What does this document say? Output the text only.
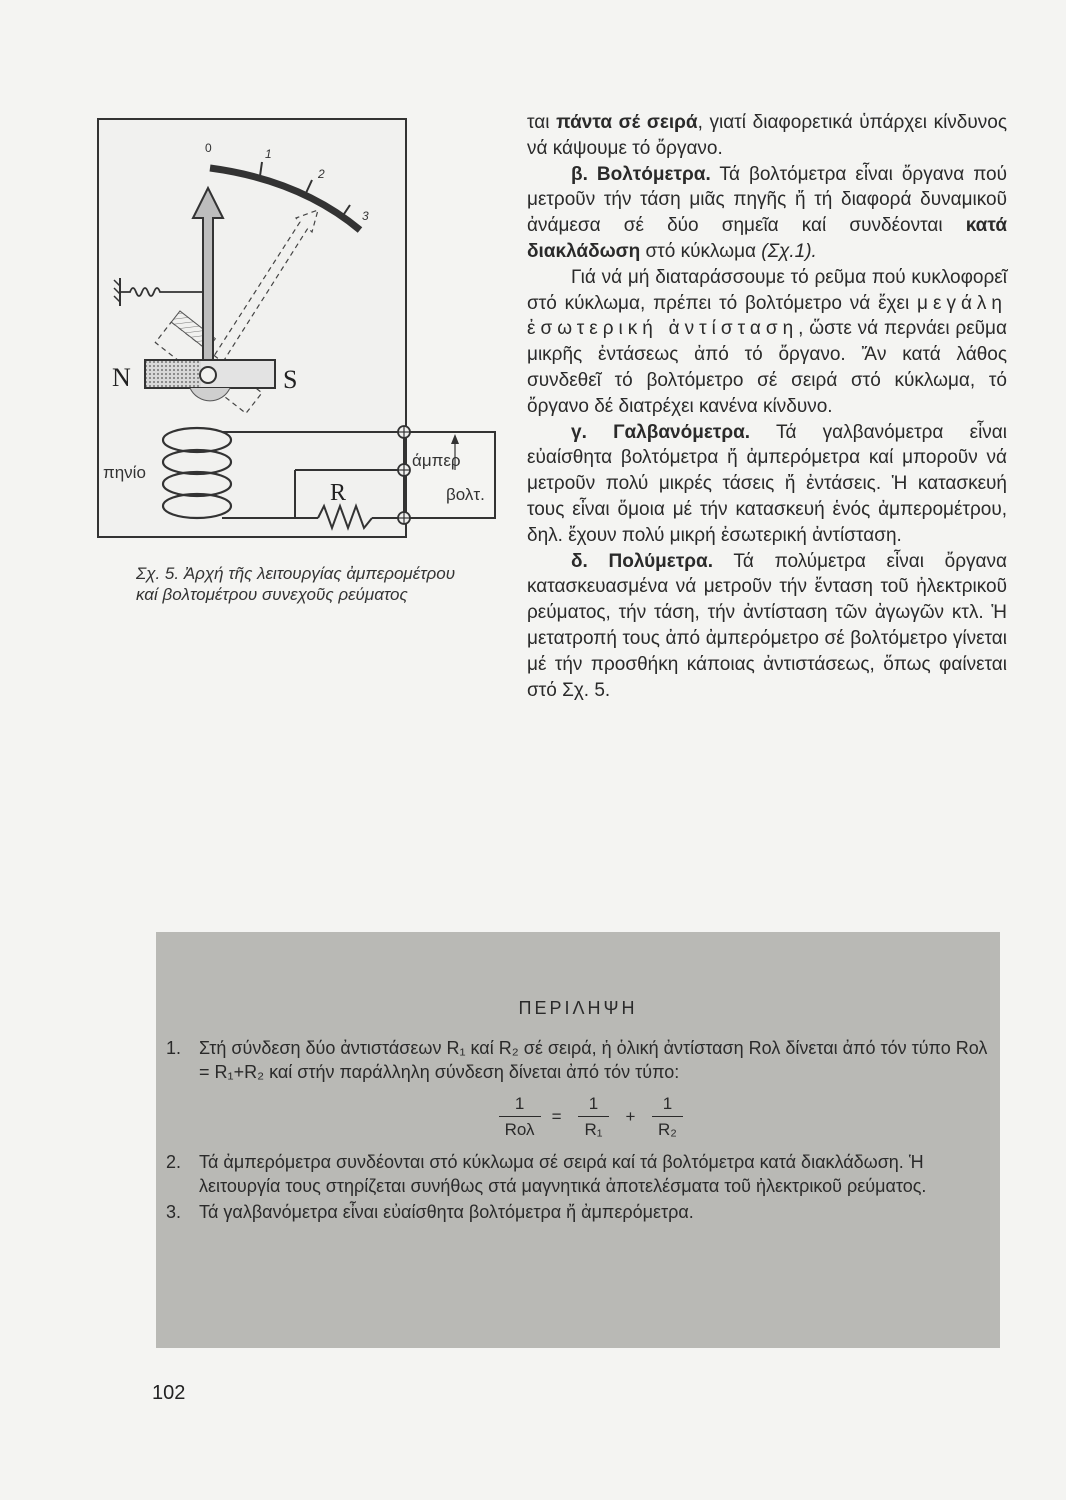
0	1
2
3
N	S
πηνίο
R
άμπερ
βολτ.
Σχ. 5. Ἀρχή τῆς λειτουργίας ἀμπερομέτρου καί βολτομέτρου συνεχοῦς ρεύματος

ται πάντα σέ σειρά, γιατί διαφορετικά ὑπάρχει κίνδυνος νά κάψουμε τό ὄργανο.

β. Βολτόμετρα. Τά βολτόμετρα εἶναι ὄργανα πού μετροῦν τήν τάση μιᾶς πηγῆς ἤ τή διαφορά δυναμικοῦ ἀνάμεσα σέ δύο σημεῖα καί συνδέονται κατά διακλάδωση στό κύκλωμα (Σχ.1).

Γιά νά μή διαταράσσουμε τό ρεῦμα πού κυκλοφορεῖ στό κύκλωμα, πρέπει τό βολτόμετρο νά ἔχει μεγάλη ἐσωτερική ἀντίσταση, ὥστε νά περνάει ρεῦμα μικρῆς ἐντάσεως ἀπό τό ὄργανο. Ἄν κατά λάθος συνδεθεῖ τό βολτόμετρο σέ σειρά στό κύκλωμα, τό ὄργανο δέ διατρέχει κανένα κίνδυνο.

γ. Γαλβανόμετρα. Τά γαλβανόμετρα εἶναι εὐαίσθητα βολτόμετρα ἤ ἀμπερόμετρα καί μποροῦν νά μετροῦν πολύ μικρές τάσεις ἤ ἐντάσεις. Ἡ κατασκευή τους εἶναι ὅμοια μέ τήν κατασκευή ἑνός ἀμπερομέτρου, δηλ. ἔχουν πολύ μικρή ἐσωτερική ἀντίσταση.

δ. Πολύμετρα. Τά πολύμετρα εἶναι ὄργανα κατασκευασμένα νά μετροῦν τήν ἔνταση τοῦ ἠλεκτρικοῦ ρεύματος, τήν τάση, τήν ἀντίσταση τῶν ἀγωγῶν κτλ. Ἡ μετατροπή τους ἀπό ἀμπερόμετρο σέ βολτόμετρο γίνεται μέ τήν προσθήκη κάποιας ἀντιστάσεως, ὅπως φαίνεται στό Σχ. 5.

ΠΕΡΙΛΗΨΗ
1. Στή σύνδεση δύο ἀντιστάσεων R₁ καί R₂ σέ σειρά, ἡ ὁλική ἀντίσταση Rολ δίνεται ἀπό τόν τύπο Rολ = R₁+R₂ καί στήν παράλληλη σύνδεση δίνεται ἀπό τόν τύπο:
$\frac{1}{\text{Rολ}} = \frac{1}{\text{R₁}} + \frac{1}{\text{R₂}}$
2. Τά ἀμπερόμετρα συνδέονται στό κύκλωμα σέ σειρά καί τά βολτόμετρα κατά διακλάδωση. Ἡ λειτουργία τους στηρίζεται συνήθως στά μαγνητικά ἀποτελέσματα τοῦ ἠλεκτρικοῦ ρεύματος.
3. Τά γαλβανόμετρα εἶναι εὐαίσθητα βολτόμετρα ἤ ἀμπερόμετρα.
102
